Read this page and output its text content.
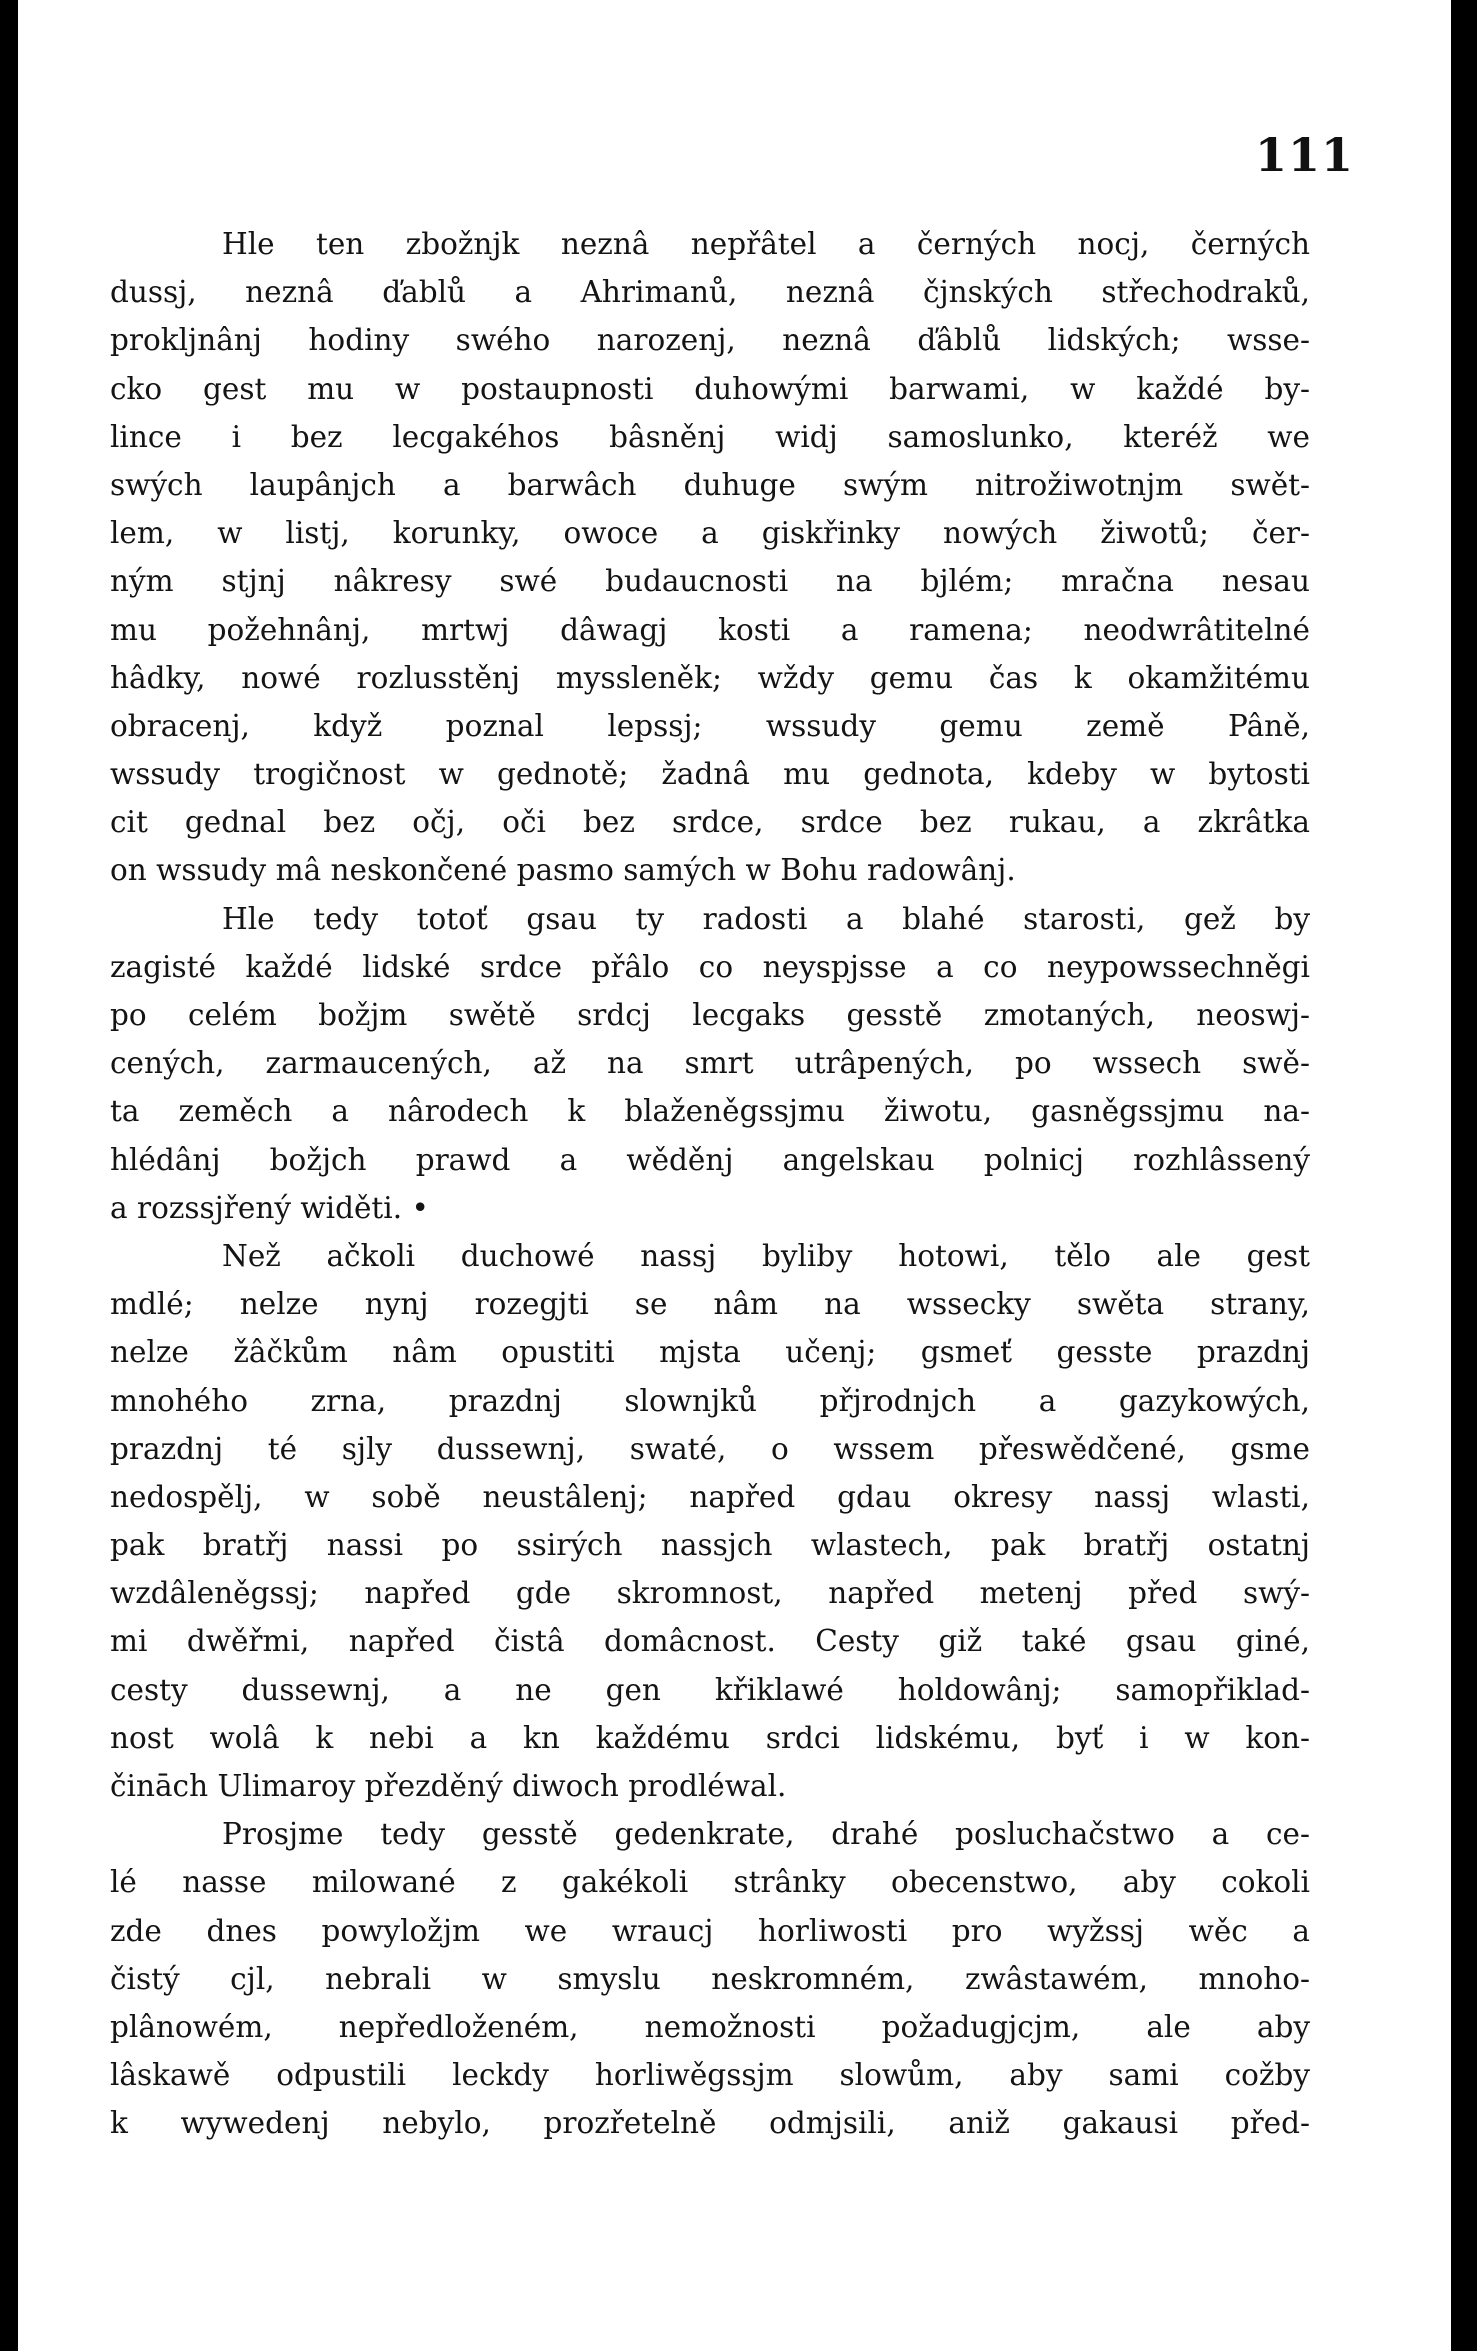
111
Hle ten zbožnjk neznâ nepřâtel a černých nocj, černých
dussj, neznâ ďablů a Ahrimanů, neznâ čjnských střechodraků,
proklјnânj hodiny swého narozenj, neznâ ďâblů lidských; wsse-
cko gest mu w postaupnosti duhowými barwami, w každé by-
lince i bez lecgakéhos bâsněnj widj samoslunko, kteréž we
swých laupânjch a barwâch duhuge swým nitrožiwotnjm swět-
lem, w listj, korunky, owoce a giskřinky nowých žiwotů; čer-
ným stjnj nâkresy swé budaucnosti na bjlém; mračna nesau
mu požehnânj, mrtwj dâwagj kosti a ramena; neodwrâtitelné
hâdky, nowé rozlusstěnj myssleněk; wždy gemu čas k okamžitému
obracenj, když poznal lepssj; wssudy gemu země Pâně,
wssudy trogičnost w gednotě; žadnâ mu gednota, kdeby w bytosti
cit gednal bez očj, oči bez srdce, srdce bez rukau, a zkrâtka
on wssudy mâ neskončené pasmo samých w Bohu radowânj.
Hle tedy totoť gsau ty radosti a blahé starosti, gež by
zagisté každé lidské srdce přâlo co neyspjsse a co neypowssechněgi
po celém božjm swětě srdcj lecgaks gesstě zmotaných, neoswj-
cených, zarmaucených, až na smrt utrâpených, po wssech swě-
ta zeměch a nârodech k blaženěgssjmu žiwotu, gasněgssjmu na-
hlédânj božjch prawd a wěděnj angelskau polnicj rozhlâssený
a rozssjřený widěti. •
Než ačkoli duchowé nassj bylibу hotowi, tělo ale gest
mdlé; nelze nynj rozegjti se nâm na wssecky swěta strany,
nelze žâčkům nâm opustiti mjsta učenj; gsmeť gesste prazdnj
mnohého zrna, prazdnj slownjků přjrodnjch a gazykowých,
prazdnj té sjly dussewnj, swaté, o wssem přeswědčené, gsme
nedospělj, w sobě neustâlenj; napřed gdau okresy nassj wlasti,
pak bratřj nassi po ssirých nassjch wlastech, pak bratřj ostatnj
wzdâleněgssj; napřed gde skromnost, napřed metenj před swý-
mi dwěřmi, napřed čistâ domâcnost. Cesty giž také gsau giné,
cesty dussewnj, a ne gen křiklawé holdowânj; samopřiklad-
nost wolâ k nebi a kn každému srdci lidskému, byť i w kon-
čināch Ulimaroy přezděný diwoch prodléwal.
Prosjme tedy gesstě gedenkrate, drahé posluchačstwo a ce-
lé nasse milowané z gakékoli strânky obecenstwo, aby cokoli
zde dnes powyložjm we wraucj horliwosti pro wyžssj wěc a
čistý cjl, nebrali w smyslu neskromném, zwâstawém, mnoho-
plânowém, nepředloženém, nemožnosti požadugjcjm, ale aby
lâskawě odpustili leckdy horliwěgssjm slowům, aby sami cožby
k wywedenj nebylo, prozřetelně odmjsili, aniž gakausi před-
